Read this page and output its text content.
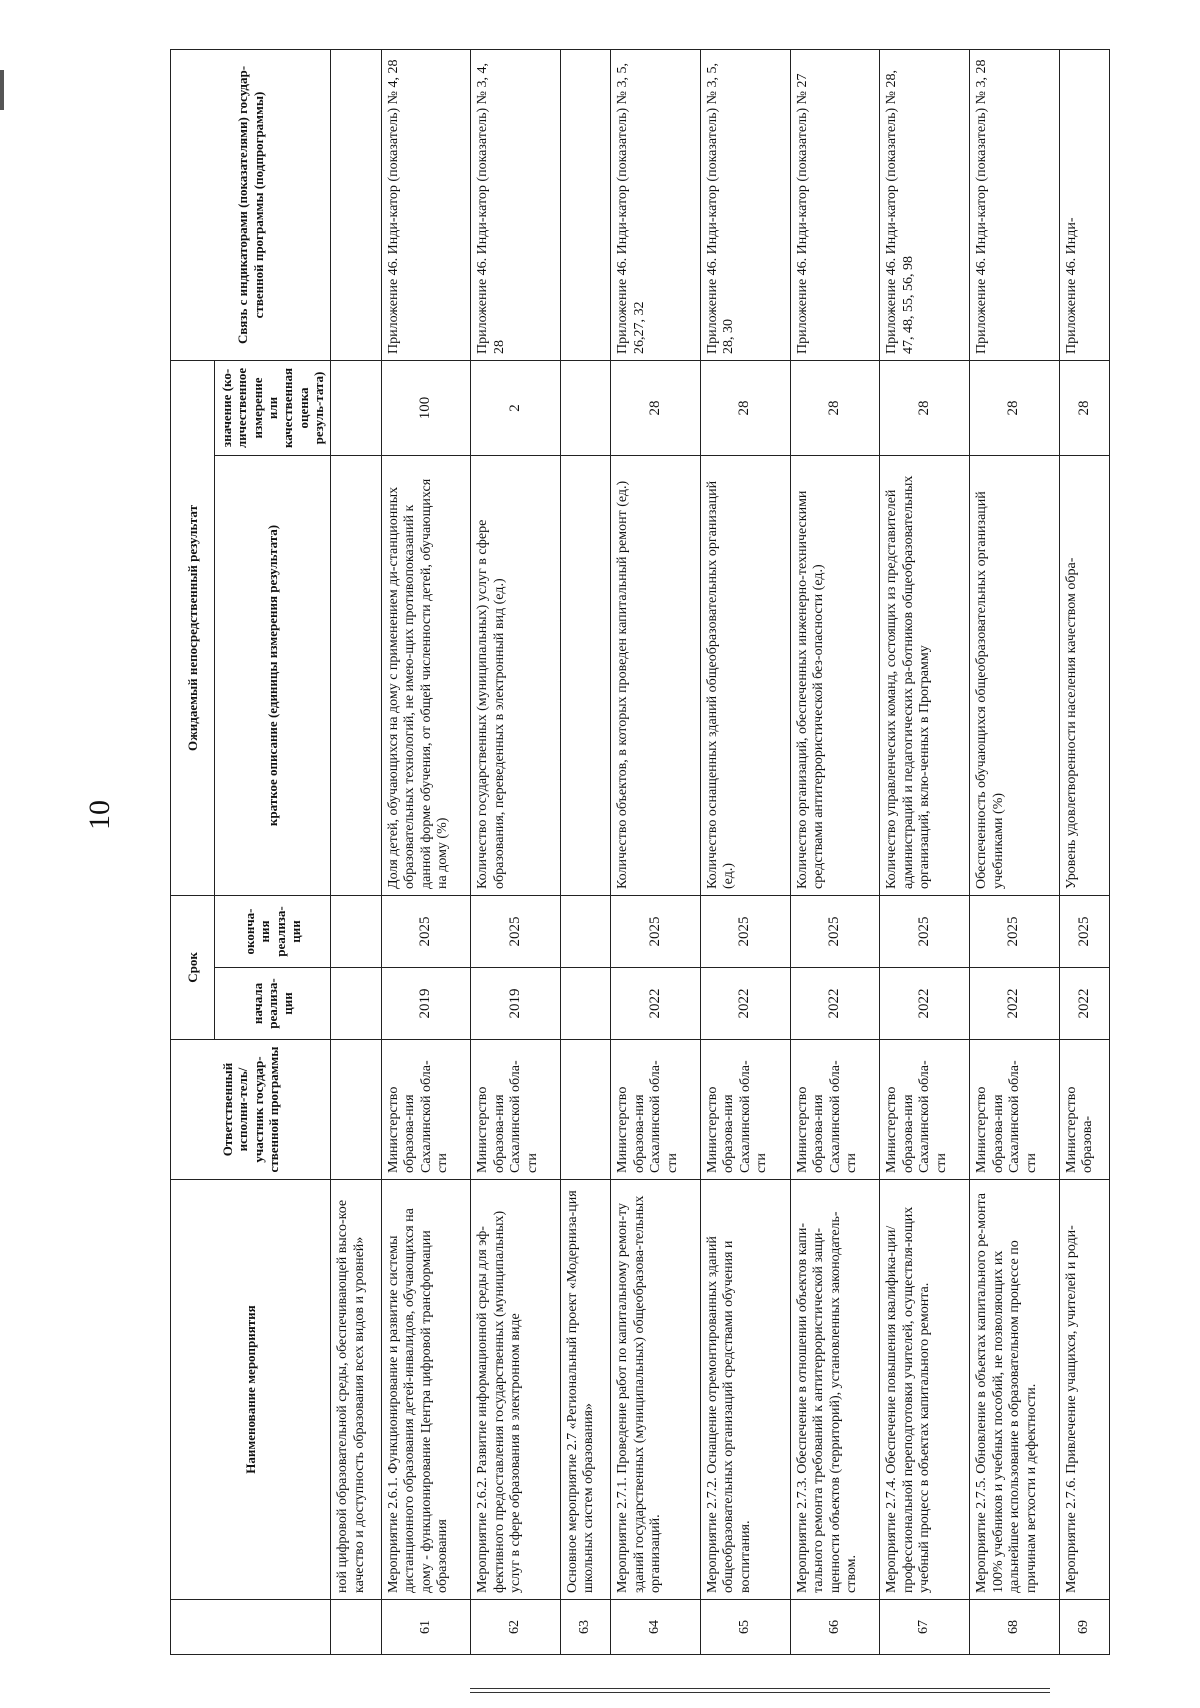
10
	Наименование мероприятия	Ответственный исполни-тель/участник государ-ственной программы	Срок		Ожидаемый непосредственный результат		Связь с индикаторами (показателями) государ-ственной программы (подпрограммы)
			начала реализа-ции	оконча-ния реализа-ции	краткое описание (единицы измерения результата)	значение (ко-личественное измерение или качественная оценка резуль-тата)	
	ной цифровой образовательной среды, обеспечивающей высо-кое качество и доступность образования всех видов и уровней»						
61	Мероприятие 2.6.1. Функционирование и развитие системы дистанционного образования детей-инвалидов, обучающихся на дому - функционирование Центра цифровой трансформации образования	Министерство образова-ния Сахалинской обла-сти	2019	2025	Доля детей, обучающихся на дому с применением ди-станционных образовательных технологий, не имею-щих противопоказаний к данной форме обучения, от общей численности детей, обучающихся на дому (%)	100	Приложение 46. Инди-катор (показатель) № 4, 28
62	Мероприятие 2.6.2. Развитие информационной среды для эф-фективного предоставления государственных (муниципальных) услуг в сфере образования в электронном виде	Министерство образова-ния Сахалинской обла-сти	2019	2025	Количество государственных (муниципальных) услуг в сфере образования, переведенных в электронный вид (ед.)	2	Приложение 46. Инди-катор (показатель) № 3, 4, 28
63	Основное мероприятие 2.7 «Региональный проект «Модерниза-ция школьных систем образования»						
64	Мероприятие 2.7.1. Проведение работ по капитальному ремон-ту зданий государственных (муниципальных) общеобразова-тельных организаций.	Министерство образова-ния Сахалинской обла-сти	2022	2025	Количество объектов, в которых проведен капитальный ремонт (ед.)	28	Приложение 46. Инди-катор (показатель) № 3, 5, 26,27, 32
65	Мероприятие 2.7.2. Оснащение отремонтированных зданий общеобразовательных организаций средствами обучения и воспитания.	Министерство образова-ния Сахалинской обла-сти	2022	2025	Количество оснащенных зданий общеобразовательных организаций (ед.)	28	Приложение 46. Инди-катор (показатель) № 3, 5, 28, 30
66	Мероприятие 2.7.3. Обеспечение в отношении объектов капи-тального ремонта требований к антитеррористической защи-щенности объектов (территорий), установленных законодатель-ством.	Министерство образова-ния Сахалинской обла-сти	2022	2025	Количество организаций, обеспеченных инженерно-техническими средствами антитеррористической без-опасности (ед.)	28	Приложение 46. Инди-катор (показатель) № 27
67	Мероприятие 2.7.4. Обеспечение повышения квалифика-ции/профессиональной переподготовки учителей, осуществля-ющих учебный процесс в объектах капитального ремонта.	Министерство образова-ния Сахалинской обла-сти	2022	2025	Количество управленческих команд, состоящих из представителей администраций и педагогических ра-ботников общеобразовательных организаций, вклю-ченных в Программу	28	Приложение 46. Инди-катор (показатель) № 28, 47, 48, 55, 56, 98
68	Мероприятие 2.7.5. Обновление в объектах капитального ре-монта 100% учебников и учебных пособий, не позволяющих их дальнейшее использование в образовательном процессе по причинам ветхости и дефектности.	Министерство образова-ния Сахалинской обла-сти	2022	2025	Обеспеченность обучающихся общеобразовательных организаций учебниками (%)	28	Приложение 46. Инди-катор (показатель) № 3, 28
69	Мероприятие 2.7.6. Привлечение учащихся, учителей и роди-	Министерство образова-	2022	2025	Уровень удовлетворенности населения качеством обра-	28	Приложение 46. Инди-
